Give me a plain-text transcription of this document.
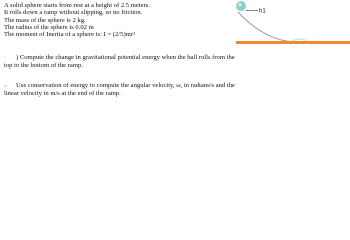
A solid sphere starts from rest at a height of 2.5 meters.

It rolls down a ramp without slipping, so no friction.

The mass of the sphere is 2 kg.

The radius of the sphere is 0.02 m

The moment of Inertia of a sphere is: I = (2/5)mr²

· ) Compute the change in gravitational potential energy when the ball rolls from the top to the bottom of the ramp.
‹. Use conservation of energy to compute the angular velocity, ω, in radians/s and the linear velocity in m/s at the end of the ramp.
h1
